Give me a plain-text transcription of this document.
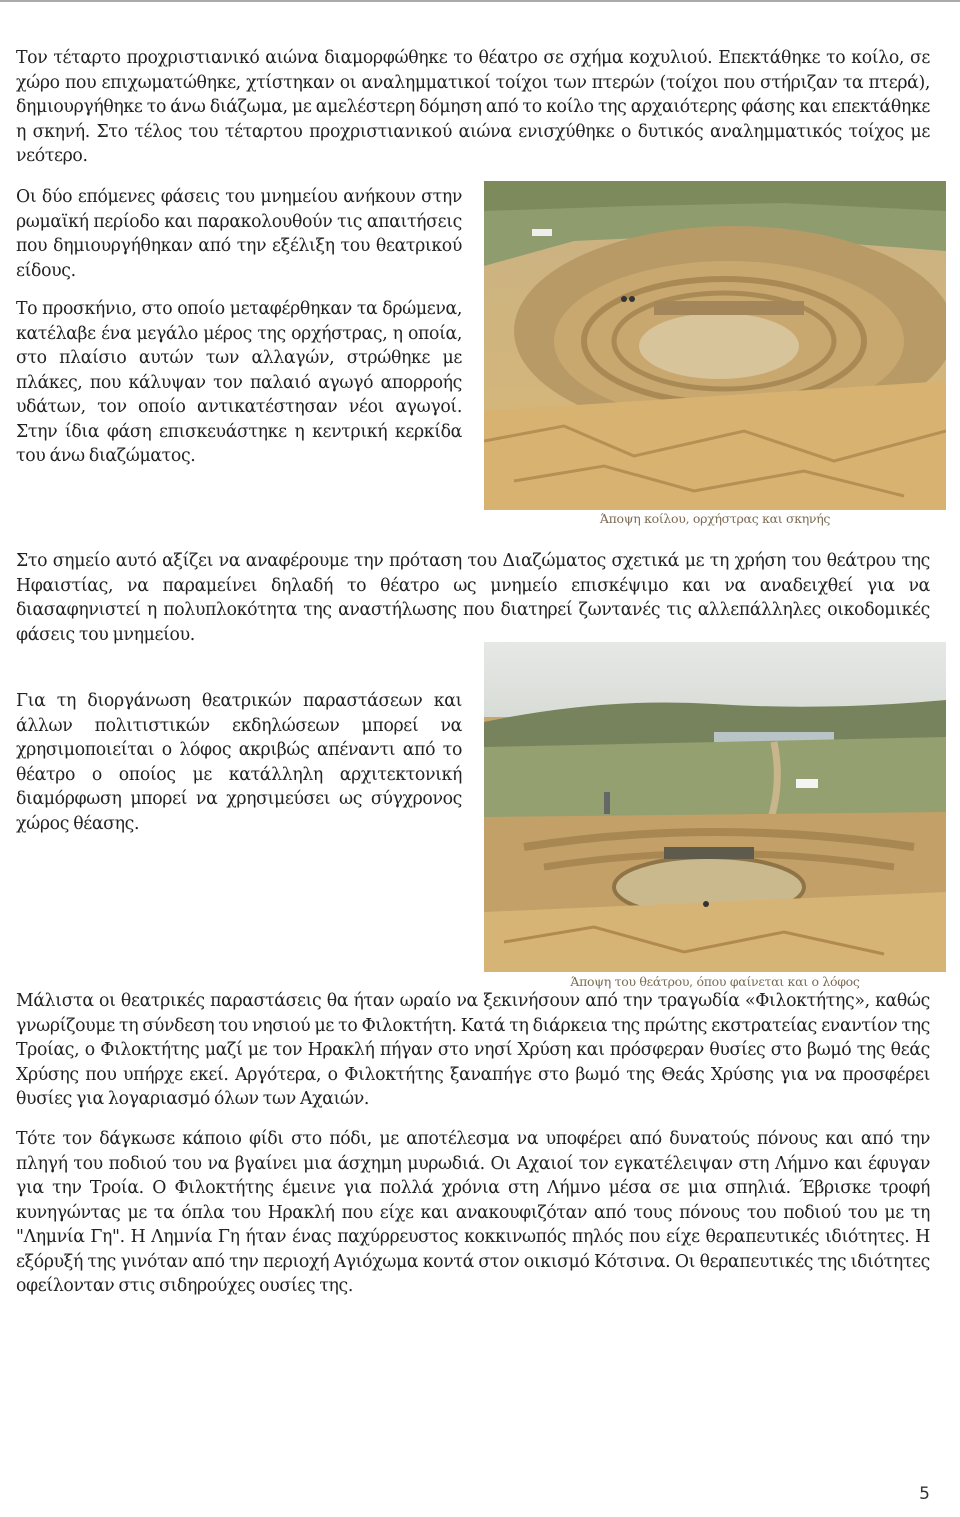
Τον τέταρτο προχριστιανικό αιώνα διαμορφώθηκε το θέατρο σε σχήμα κοχυλιού. Επεκτάθηκε το κοίλο, σε χώρο που επιχωματώθηκε, χτίστηκαν οι αναλημματικοί τοίχοι των πτερών (τοίχοι που στήριζαν τα πτερά), δημιουργήθηκε το άνω διάζωμα, με αμελέστερη δόμηση από το κοίλο της αρχαιότερης φάσης και επεκτάθηκε η σκηνή. Στο τέλος του τέταρτου προχριστιανικού αιώνα ενισχύθηκε ο δυτικός αναλημματικός τοίχος με νεότερο.

Οι δύο επόμενες φάσεις του μνημείου ανήκουν στην ρωμαϊκή περίοδο και παρακολουθούν τις απαιτήσεις που δημιουργήθηκαν από την εξέλιξη του θεατρικού είδους.

Το προσκήνιο, στο οποίο μεταφέρθηκαν τα δρώμενα, κατέλαβε ένα μεγάλο μέρος της ορχήστρας, η οποία, στο πλαίσιο αυτών των αλλαγών, στρώθηκε με πλάκες, που κάλυψαν τον παλαιό αγωγό απορροής υδάτων, τον οποίο αντικατέστησαν νέοι αγωγοί. Στην ίδια φάση επισκευάστηκε η κεντρική κερκίδα του άνω διαζώματος.

Άποψη κοίλου, ορχήστρας και σκηνής

Στο σημείο αυτό αξίζει να αναφέρουμε την πρόταση του Διαζώματος σχετικά με τη χρήση του θεάτρου της Ηφαιστίας, να παραμείνει δηλαδή το θέατρο ως μνημείο επισκέψιμο και να αναδειχθεί για να διασαφηνιστεί η πολυπλοκότητα της αναστήλωσης που διατηρεί ζωντανές τις αλλεπάλληλες οικοδομικές φάσεις του μνημείου.

Για τη διοργάνωση θεατρικών παραστάσεων και άλλων πολιτιστικών εκδηλώσεων μπορεί να χρησιμοποιείται ο λόφος ακριβώς απέναντι από το θέατρο ο οποίος με κατάλληλη αρχιτεκτονική διαμόρφωση μπορεί να χρησιμεύσει ως σύγχρονος χώρος θέασης.

Άποψη του θεάτρου, όπου φαίνεται και ο λόφος

Μάλιστα οι θεατρικές παραστάσεις θα ήταν ωραίο να ξεκινήσουν από την τραγωδία «Φιλοκτήτης», καθώς γνωρίζουμε τη σύνδεση του νησιού με το Φιλοκτήτη. Κατά τη διάρκεια της πρώτης εκστρατείας εναντίον της Τροίας, ο Φιλοκτήτης μαζί με τον Ηρακλή πήγαν στο νησί Χρύση και πρόσφεραν θυσίες στο βωμό της θεάς Χρύσης που υπήρχε εκεί. Αργότερα, ο Φιλοκτήτης ξαναπήγε στο βωμό της Θεάς Χρύσης για να προσφέρει θυσίες για λογαριασμό όλων των Αχαιών.

Τότε τον δάγκωσε κάποιο φίδι στο πόδι, με αποτέλεσμα να υποφέρει από δυνατούς πόνους και από την πληγή του ποδιού του να βγαίνει μια άσχημη μυρωδιά. Οι Αχαιοί τον εγκατέλειψαν στη Λήμνο και έφυγαν για την Τροία. Ο Φιλοκτήτης έμεινε για πολλά χρόνια στη Λήμνο μέσα σε μια σπηλιά. Έβρισκε τροφή κυνηγώντας με τα όπλα του Ηρακλή που είχε και ανακουφιζόταν από τους πόνους του ποδιού του με τη "Λημνία Γη". Η Λημνία Γη ήταν ένας παχύρρευστος κοκκινωπός πηλός που είχε θεραπευτικές ιδιότητες. Η εξόρυξή της γινόταν από την περιοχή Αγιόχωμα κοντά στον οικισμό Κότσινα. Οι θεραπευτικές της ιδιότητες οφείλονταν στις σιδηρούχες ουσίες της.

5
